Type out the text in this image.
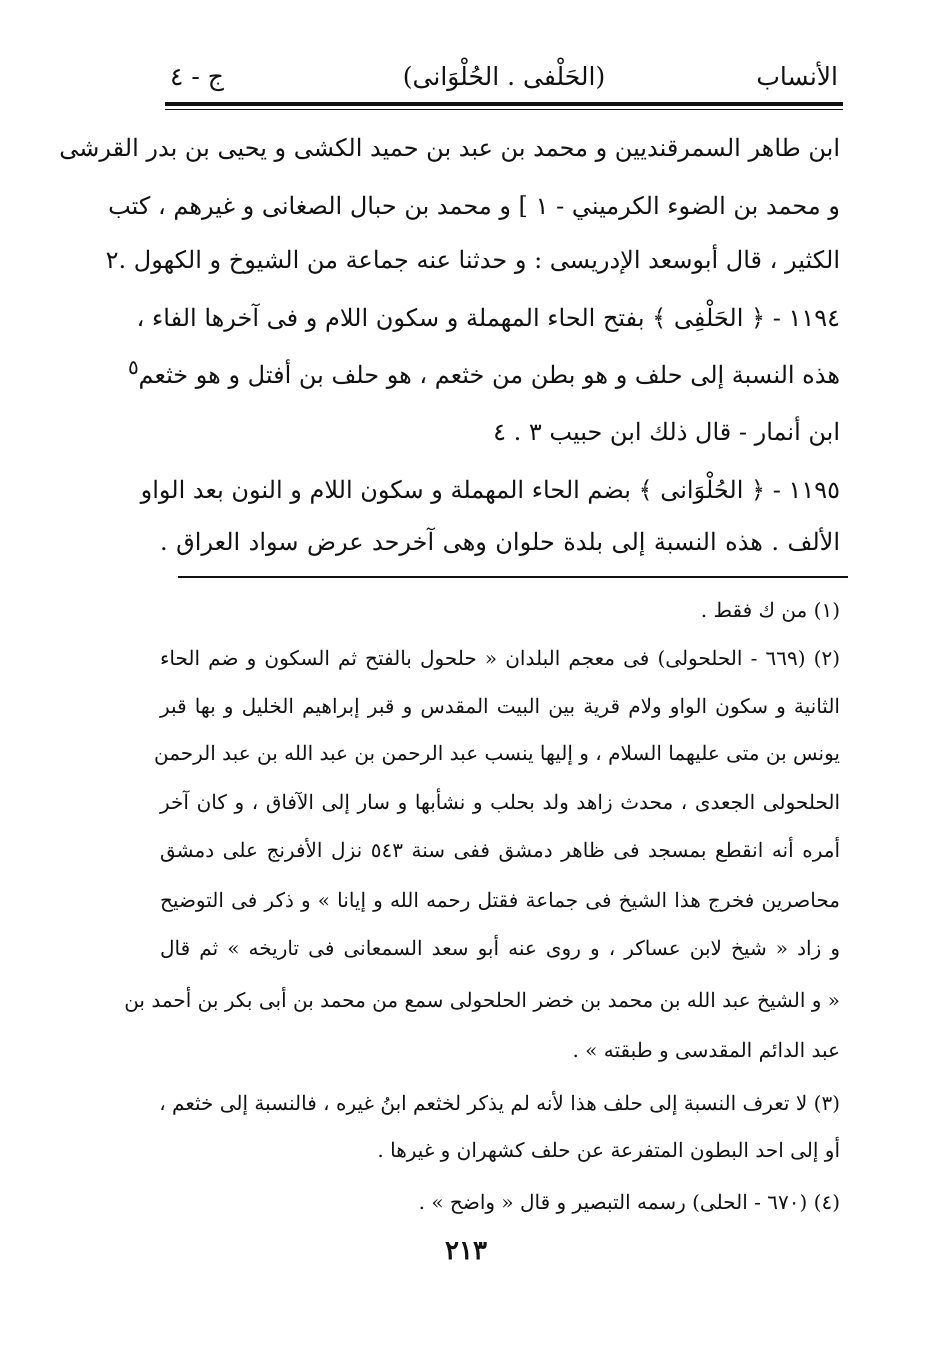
الأنساب
(الحَلْفى . الحُلْوَانى)
ج - ٤
ابن طاهر السمرقنديين و محمد بن عبد بن حميد الكشى و يحيى بن بدر القرشى
و محمد بن الضوء الكرميني - ١ ] و محمد بن حبال الصغانى و غيرهم ، كتب
الكثير ، قال أبوسعد الإدريسى : و حدثنا عنه جماعة من الشيوخ و الكهول .٢
١١٩٤ - ﴿ الحَلْفِى ﴾ بفتح الحاء المهملة و سكون اللام و فى آخرها الفاء ،
هذه النسبة إلى حلف و هو بطن من خثعم ، هو حلف بن أفتل و هو خثعم
ابن أنمار - قال ذلك ابن حبيب ٣ . ٤
١١٩٥ - ﴿ الحُلْوَانى ﴾ بضم الحاء المهملة و سكون اللام و النون بعد الواو
الألف . هذه النسبة إلى بلدة حلوان وهى آخرحد عرض سواد العراق .
٥
(١) من ك فقط .
(٢) (٦٦٩ - الحلحولى) فى معجم البلدان « حلحول بالفتح ثم السكون و ضم الحاء
الثانية و سكون الواو ولام قرية بين البيت المقدس و قبر إبراهيم الخليل و بها قبر
يونس بن متى عليهما السلام ، و إليها ينسب عبد الرحمن بن عبد الله بن عبد الرحمن
الحلحولى الجعدى ، محدث زاهد ولد بحلب و نشأبها و سار إلى الآفاق ، و كان آخر
أمره أنه انقطع بمسجد فى ظاهر دمشق ففى سنة ٥٤٣ نزل الأفرنج على دمشق
محاصرين فخرج هذا الشيخ فى جماعة فقتل رحمه الله و إيانا » و ذكر فى التوضيح
و زاد « شيخ لابن عساكر ، و روى عنه أبو سعد السمعانى فى تاريخه » ثم قال
« و الشيخ عبد الله بن محمد بن خضر الحلحولى سمع من محمد بن أبى بكر بن أحمد بن
عبد الدائم المقدسى و طبقته » .
(٣) لا تعرف النسبة إلى حلف هذا لأنه لم يذكر لخثعم ابنُ غيره ، فالنسبة إلى خثعم ،
أو إلى احد البطون المتفرعة عن حلف كشهران و غيرها .
(٤) (٦٧٠ - الحلى) رسمه التبصير و قال « واضح » .
٢١٣
